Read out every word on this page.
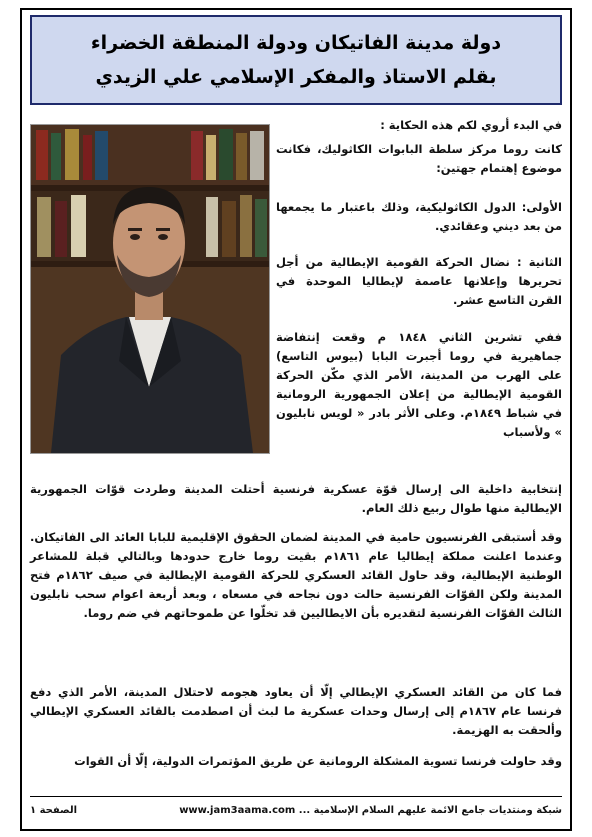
دولة مدينة الفاتيكان ودولة المنطقة الخضراء
بقلم الاستاذ والمفكر الإسلامي علي الزيدي
في البدء أروي لكم هذه الحكاية :
كانت روما مركز سلطة البابوات الكاثوليك، فكانت موضوع إهتمام جهتين:
الأولى: الدول الكاثوليكية، وذلك باعتبار ما يجمعها من بعد ديني وعقائدي.
الثانية : نضال الحركة القومية الإيطالية من أجل تحريرها وإعلانها عاصمة لإيطاليا الموحدة في القرن التاسع عشر.
ففي تشرين الثاني ١٨٤٨ م وقعت إنتفاضة جماهيرية في روما أجبرت البابا (بيوس التاسع) على الهرب من المدينة، الأمر الذي مكّن الحركة القومية الإيطالية من إعلان الجمهورية الرومانية في شباط ١٨٤٩م. وعلى الأثر بادر « لويس نابليون » ولأسباب
إنتخابية داخلية الى إرسال قوّة عسكرية فرنسية أحتلت المدينة وطردت قوّات الجمهورية الإيطالية منها طوال ربيع ذلك العام.
وقد أستبقى الفرنسيون حامية في المدينة لضمان الحقوق الإقليمية للبابا العائد الى الفاتيكان. وعندما اعلنت مملكة إيطاليا عام ١٨٦١م بقيت روما خارج حدودها وبالتالي قبلة للمشاعر الوطنية الإيطالية، وقد حاول القائد العسكري للحركة القومية الإيطالية في صيف ١٨٦٢م فتح المدينة ولكن القوّات الفرنسية حالت دون نجاحه في مسعاه ، وبعد أربعة اعوام سحب نابليون الثالث القوّات الفرنسية لتقديره بأن الايطاليين قد تخلّوا عن طموحاتهم في ضم روما.
فما كان من القائد العسكري الإيطالي إلّا أن يعاود هجومه لاحتلال المدينة، الأمر الذي دفع فرنسا عام ١٨٦٧م إلى إرسال وحدات عسكرية ما لبث أن اصطدمت بالقائد العسكري الإيطالي وألحقت به الهزيمة.
وقد حاولت فرنسا تسوية المشكلة الرومانية عن طريق المؤتمرات الدولية، إلّا أن القوات
الصفحة ١	شبكة ومنتديات جامع الائمة عليهم السلام الإسلامية ... www.jam3aama.com
